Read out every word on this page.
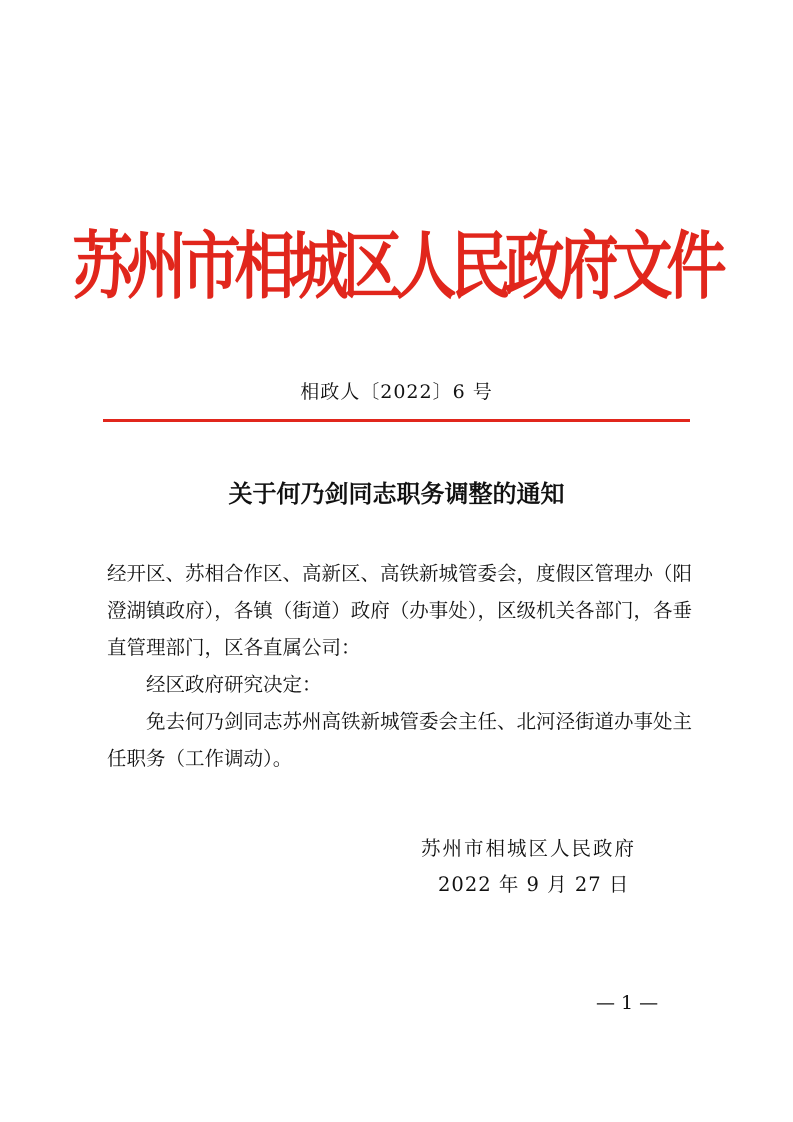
苏州市相城区人民政府文件
相政人〔2022〕6 号
关于何乃剑同志职务调整的通知
经开区、苏相合作区、高新区、高铁新城管委会，度假区管理办（阳澄湖镇政府），各镇（街道）政府（办事处），区级机关各部门，各垂直管理部门，区各直属公司：
经区政府研究决定：
免去何乃剑同志苏州高铁新城管委会主任、北河泾街道办事处主任职务（工作调动）。
苏州市相城区人民政府
2022 年 9 月 27 日
— 1 —
